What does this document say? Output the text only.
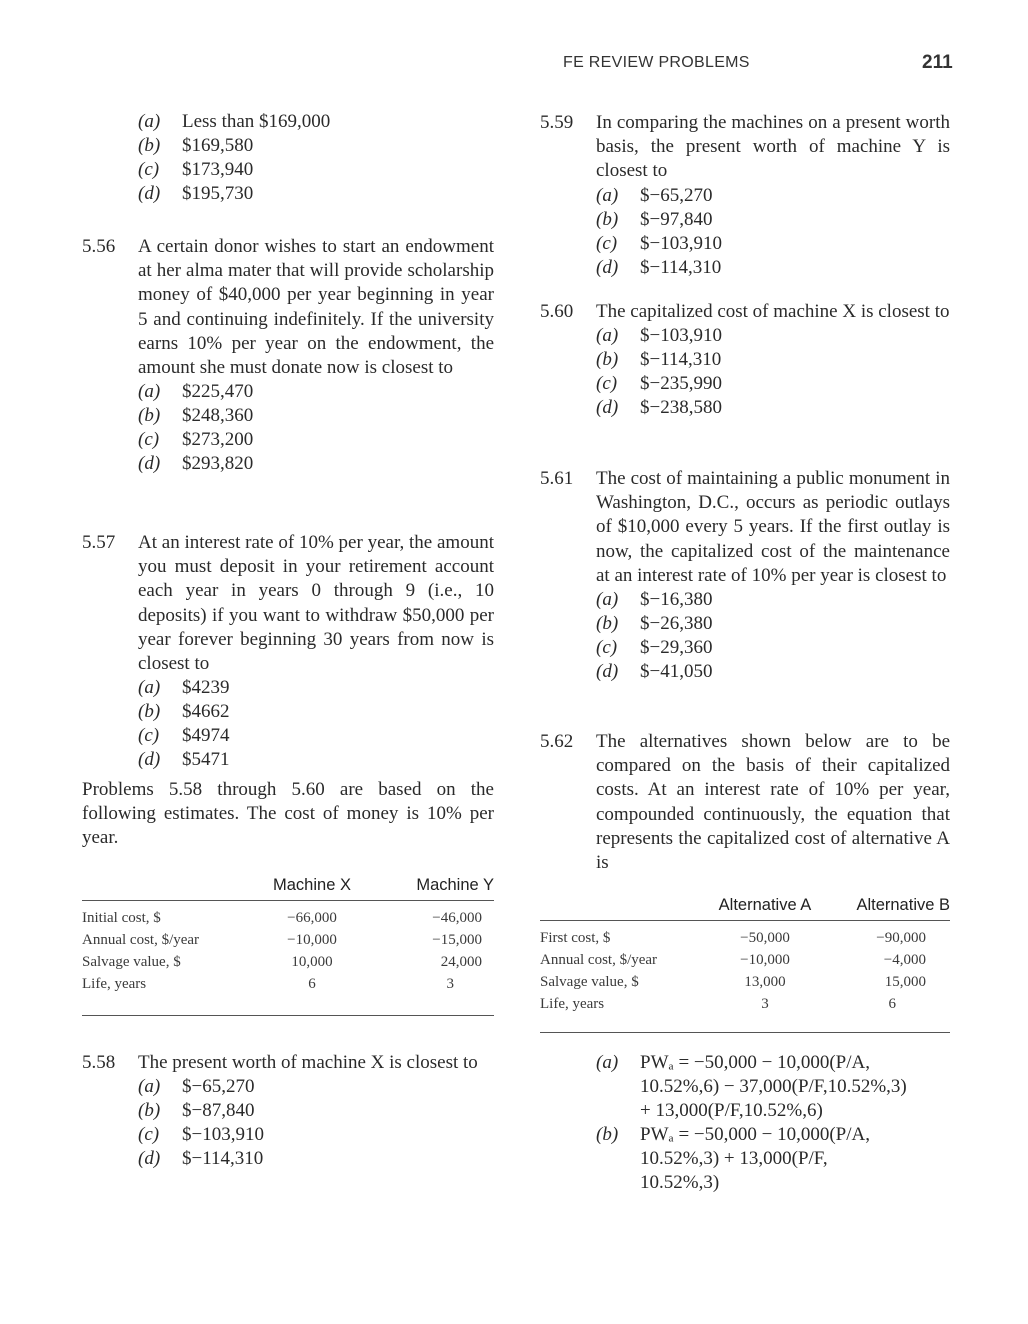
FE REVIEW PROBLEMS	211
(a) Less than $169,000
(b) $169,580
(c) $173,940
(d) $195,730
5.56 A certain donor wishes to start an endowment at her alma mater that will provide scholarship money of $40,000 per year beginning in year 5 and continuing indefinitely. If the university earns 10% per year on the endowment, the amount she must donate now is closest to
(a) $225,470
(b) $248,360
(c) $273,200
(d) $293,820
5.57 At an interest rate of 10% per year, the amount you must deposit in your retirement account each year in years 0 through 9 (i.e., 10 deposits) if you want to withdraw $50,000 per year forever beginning 30 years from now is closest to
(a) $4239
(b) $4662
(c) $4974
(d) $5471
Problems 5.58 through 5.60 are based on the following estimates. The cost of money is 10% per year.
	Machine X	Machine Y
Initial cost, $	−66,000	−46,000
Annual cost, $/year	−10,000	−15,000
Salvage value, $	10,000	24,000
Life, years	6	3
5.58 The present worth of machine X is closest to
(a) $−65,270
(b) $−87,840
(c) $−103,910
(d) $−114,310
5.59 In comparing the machines on a present worth basis, the present worth of machine Y is closest to
(a) $−65,270
(b) $−97,840
(c) $−103,910
(d) $−114,310
5.60 The capitalized cost of machine X is closest to
(a) $−103,910
(b) $−114,310
(c) $−235,990
(d) $−238,580
5.61 The cost of maintaining a public monument in Washington, D.C., occurs as periodic outlays of $10,000 every 5 years. If the first outlay is now, the capitalized cost of the maintenance at an interest rate of 10% per year is closest to
(a) $−16,380
(b) $−26,380
(c) $−29,360
(d) $−41,050
5.62 The alternatives shown below are to be compared on the basis of their capitalized costs. At an interest rate of 10% per year, compounded continuously, the equation that represents the capitalized cost of alternative A is
	Alternative A	Alternative B
First cost, $	−50,000	−90,000
Annual cost, $/year	−10,000	−4,000
Salvage value, $	13,000	15,000
Life, years	3	6
(a) PWₐ = −50,000 − 10,000(P/A,
10.52%,6) − 37,000(P/F,10.52%,3)
+ 13,000(P/F,10.52%,6)
(b) PWₐ = −50,000 − 10,000(P/A,
10.52%,3) + 13,000(P/F,
10.52%,3)
